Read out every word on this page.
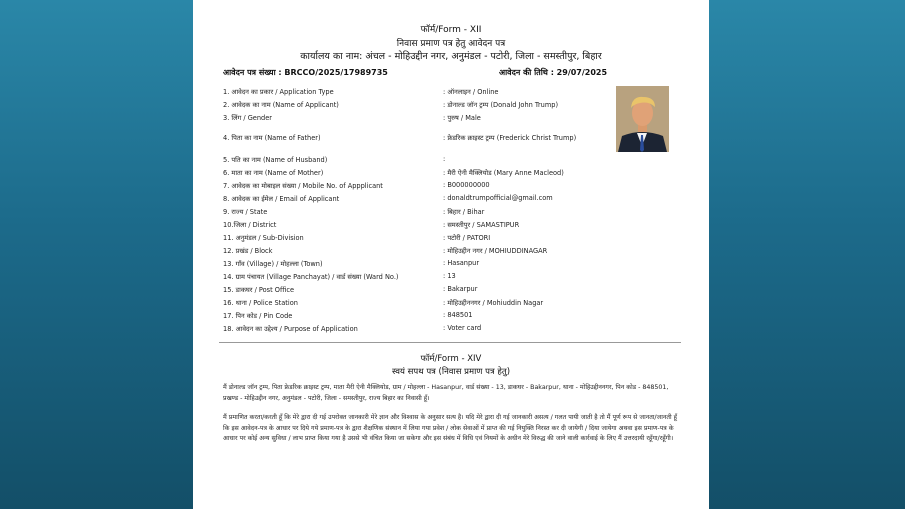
फॉर्म/Form - XII
निवास प्रमाण पत्र हेतु आवेदन पत्र
कार्यालय का नाम: अंचल - मोहिउद्दीन नगर, अनुमंडल - पटोरी, जिला - समस्तीपुर, बिहार
आवेदन पत्र संख्या : BRCCO/2025/17989735	आवेदन की तिथि : 29/07/2025
1. आवेदन का प्रकार / Application Type	: ऑनलाइन / Online
2. आवेदक का नाम (Name of Applicant)	: डोनाल्ड जॉन ट्रम्प (Donald John Trump)
3. लिंग / Gender	: पुरुष / Male
4. पिता का नाम (Name of Father)	: फ्रेडरिक क्राइस्ट ट्रम्प (Frederick Christ Trump)
5. पति का नाम (Name of Husband)	:
6. माता का नाम (Name of Mother)	: मैरी ऐनी मैक्लियोड (Mary Anne Macleod)
7. आवेदक का मोबाइल संख्या / Mobile No. of Appplicant	: B000000000
8. आवेदक का ईमेल / Email of Applicant	: donaldtrumpofficial@gmail.com
9. राज्य / State	: बिहार / Bihar
10.जिला / District	: समस्तीपुर / SAMASTIPUR
11. अनुमंडल / Sub-Division	: पटोरी / PATORI
12. प्रखंड / Block	: मोहिउद्दीन नगर / MOHIUDDINAGAR
13. गाँव (Village) / मोहल्ला (Town)	: Hasanpur
14. ग्राम पंचायत (Village Panchayat) / वार्ड संख्या (Ward No.)	: 13
15. डाकघर / Post Office	: Bakarpur
16. थाना / Police Station	: मोहिउद्दीननगर / Mohiuddin Nagar
17. पिन कोड / Pin Code	: 848501
18. आवेदन का उद्देश्य / Purpose of Application	: Voter card
फॉर्म/Form - XIV
स्वयं सपथ पत्र (निवास प्रमाण पत्र हेतु)
मैं डोनाल्ड जॉन ट्रम्प, पिता फ्रेडरिक क्राइस्ट ट्रम्प, माता मैरी ऐनी मैक्लियोड, ग्राम / मोहल्ला - Hasanpur, वार्ड संख्या - 13, डाकघर - Bakarpur, थाना - मोहिउद्दीननगर, पिन कोड - 848501, प्रखण्ड - मोहिउद्दीन नगर, अनुमंडल - पटोरी, जिला - समस्तीपुर, राज्य बिहार का निवासी हूँ।
मैं प्रमाणित करता/करती हूँ कि मेरे द्वारा दी गई उपरोक्त जानकारी मेरे ज्ञान और विश्वास के अनुसार सत्य है। यदि मेरे द्वारा दी गई जानकारी असत्य / गलत पायी जाती है तो मैं पूर्ण रूप से जानता/जानती हूँ कि इस आवेदन-पत्र के आधार पर दिये गये प्रमाण-पत्र के द्वारा शैक्षणिक संस्थान में लिया गया प्रवेश / लोक सेवाओं में प्राप्त की गई नियुक्ति निरस्त कर दी जायेगी / दिया जायेगा अथवा इस प्रमाण-पत्र के आधार पर कोई अन्य सुविधा / लाभ प्राप्त किया गया है उससे भी वंचित किया जा सकेगा और इस संबंध में विधि एवं नियमों के अधीन मेरे विरुद्ध की जाने वाली कार्रवाई के लिए मैं उत्तरदायी रहूँगा/रहूँगी।
